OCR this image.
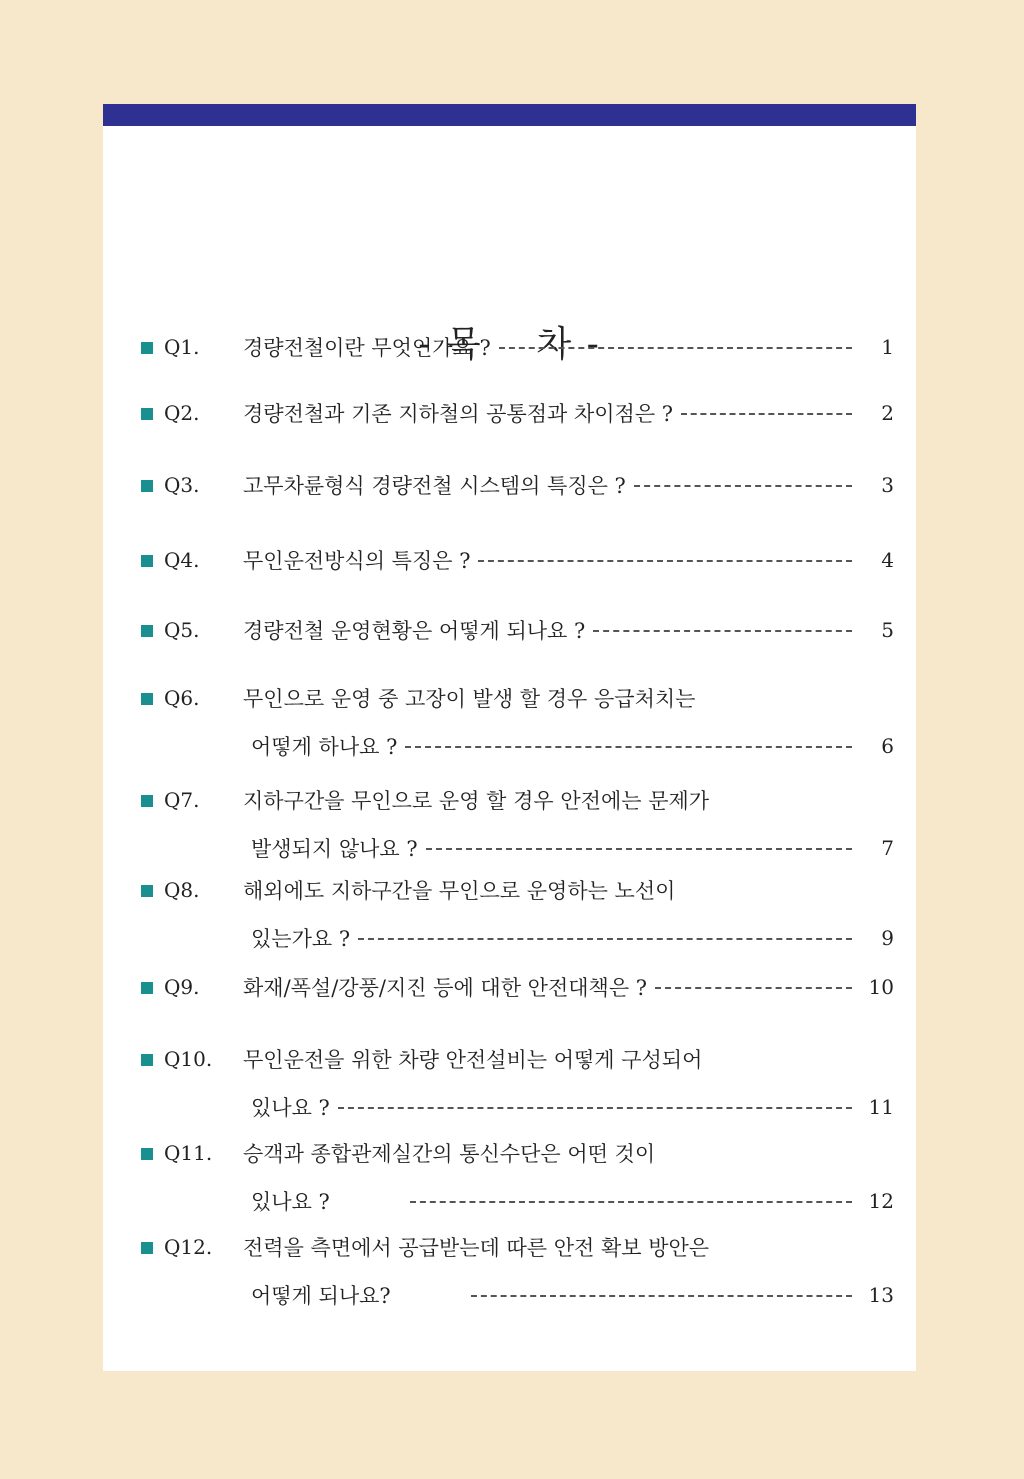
- 목    차 -
Q1. 경량전철이란 무엇인가요 ?	1
Q2. 경량전철과 기존 지하철의 공통점과 차이점은 ?	2
Q3. 고무차륜형식 경량전철 시스템의 특징은 ?	3
Q4. 무인운전방식의 특징은 ?	4
Q5. 경량전철 운영현황은 어떻게 되나요 ?	5
Q6. 무인으로 운영 중 고장이 발생 할 경우 응급처치는
어떻게 하나요 ?	6
Q7. 지하구간을 무인으로 운영 할 경우 안전에는 문제가
발생되지 않나요 ?	7
Q8. 해외에도 지하구간을 무인으로 운영하는 노선이
있는가요 ?	9
Q9. 화재/폭설/강풍/지진 등에 대한 안전대책은 ?	10
Q10. 무인운전을 위한 차량 안전설비는 어떻게 구성되어
있나요 ?	11
Q11. 승객과 종합관제실간의 통신수단은 어떤 것이
있나요 ?	12
Q12. 전력을 측면에서 공급받는데 따른 안전 확보 방안은
어떻게 되나요?	13
